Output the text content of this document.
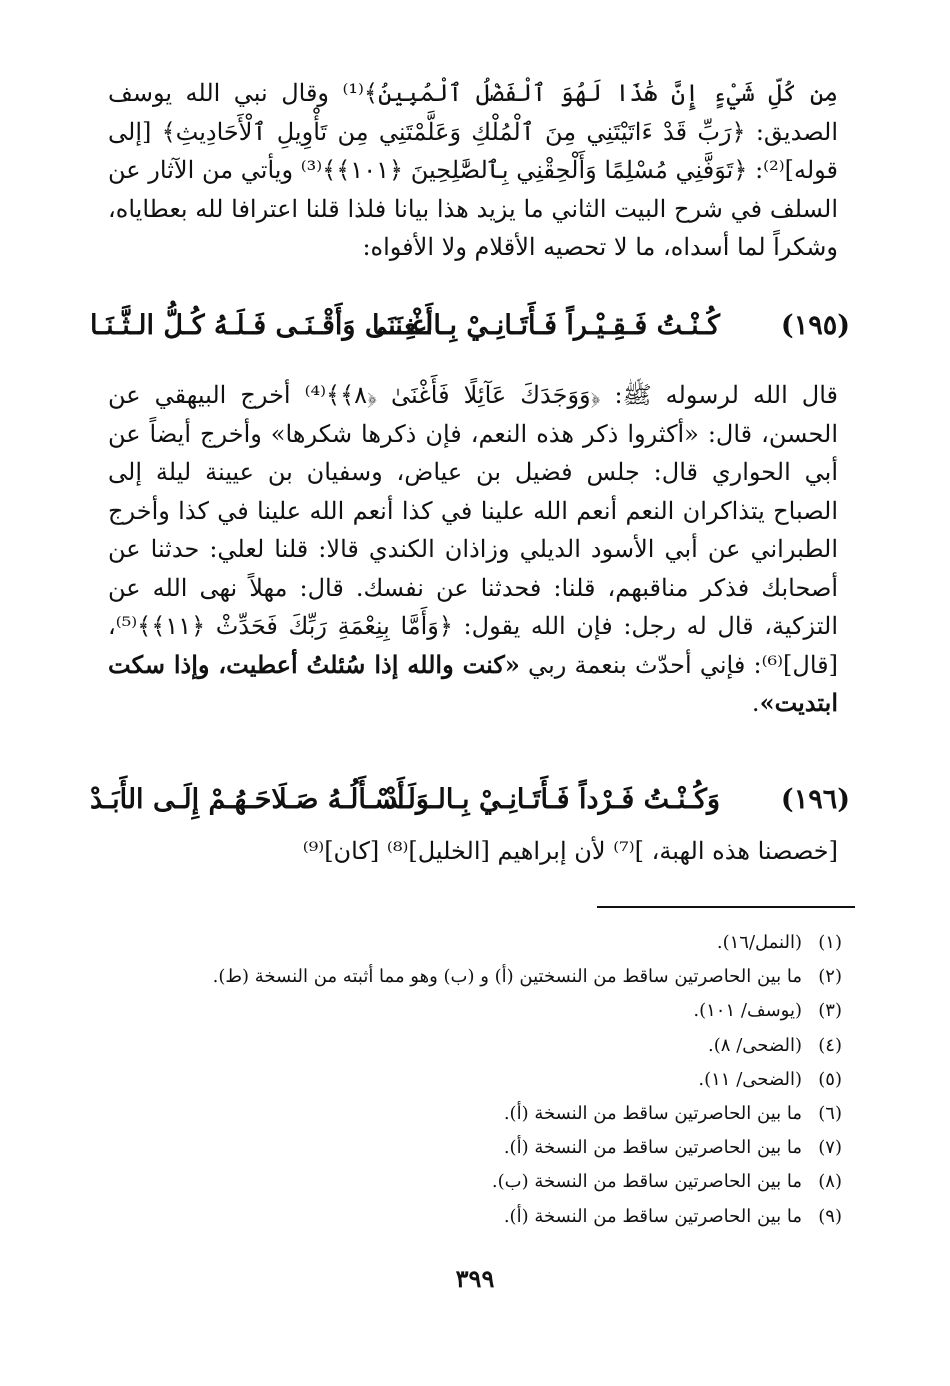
مِن كُلِّ شَيْءٍ إِنَّ هَٰذَا لَهُوَ ٱلْفَضْلُ ٱلْمُبِينُ﴾⁽¹⁾ وقال نبي الله يوسف الصديق: ﴿رَبِّ قَدْ ءَاتَيْتَنِي مِنَ ٱلْمُلْكِ وَعَلَّمْتَنِي مِن تَأْوِيلِ ٱلْأَحَادِيثِ﴾ [إلى قوله]⁽²⁾: ﴿تَوَفَّنِي مُسْلِمًا وَأَلْحِقْنِي بِٱلصَّٰلِحِينَ ﴿١٠١﴾﴾⁽³⁾ ويأتي من الآثار عن السلف في شرح البيت الثاني ما يزيد هذا بيانا فلذا قلنا اعترافا لله بعطاياه، وشكراً لما أسداه، ما لا تحصيه الأقلام ولا الأفواه:

(١٩٥)
كُـنْـتُ فَـقِـيْـراً فَـأَتَـانِـيْ بِـالـغِـنَـا
أَغْـنَـى وَأَقْـنَـى فَـلَـهُ كُـلُّ الـثَّـنَـا

قال الله لرسوله ﷺ: ﴿وَوَجَدَكَ عَآئِلًا فَأَغْنَىٰ ﴿٨﴾﴾⁽⁴⁾ أخرج البيهقي عن الحسن، قال: «أكثروا ذكر هذه النعم، فإن ذكرها شكرها» وأخرج أيضاً عن أبي الحواري قال: جلس فضيل بن عياض، وسفيان بن عيينة ليلة إلى الصباح يتذاكران النعم أنعم الله علينا في كذا أنعم الله علينا في كذا وأخرج الطبراني عن أبي الأسود الديلي وزاذان الكندي قالا: قلنا لعلي: حدثنا عن أصحابك فذكر مناقبهم، قلنا: فحدثنا عن نفسك. قال: مهلاً نهى الله عن التزكية، قال له رجل: فإن الله يقول: ﴿وَأَمَّا بِنِعْمَةِ رَبِّكَ فَحَدِّثْ ﴿١١﴾﴾⁽⁵⁾، [قال]⁽⁶⁾: فإني أحدّث بنعمة ربي «كنت والله إذا سُئلتُ أعطيت، وإذا سكت ابتديت».

(١٩٦)
وَكُـنْـتُ فَـرْداً فَـأَتَـانِـيْ بِـالـوَلَـدْ
أَسْـأَلُـهُ صَـلَاحَـهُـمْ إِلَـى الأَبَـدْ

[خصصنا هذه الهبة، ]⁽⁷⁾ لأن إبراهيم [الخليل]⁽⁸⁾ [كان]⁽⁹⁾

(١)(النمل/١٦).
(٢)ما بين الحاصرتين ساقط من النسختين (أ) و (ب) وهو مما أثبته من النسخة (ط).
(٣)(يوسف/ ١٠١).
(٤)(الضحى/ ٨).
(٥)(الضحى/ ١١).
(٦)ما بين الحاصرتين ساقط من النسخة (أ).
(٧)ما بين الحاصرتين ساقط من النسخة (أ).
(٨)ما بين الحاصرتين ساقط من النسخة (ب).
(٩)ما بين الحاصرتين ساقط من النسخة (أ).
٣٩٩
